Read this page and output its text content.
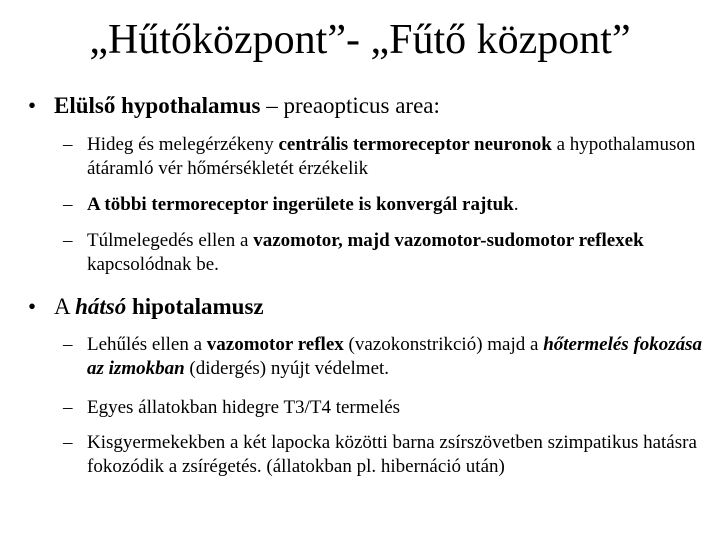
„Hűtőközpont”- „Fűtő központ”
• Elülső hypothalamus – preaopticus area:
– Hideg és melegérzékeny centrális termoreceptor neuronok a hypothalamuson átáramló vér hőmérsékletét érzékelik
– A többi termoreceptor ingerülete is konvergál rajtuk.
– Túlmelegedés ellen a vazomotor, majd vazomotor-sudomotor reflexek kapcsolódnak be.
• A hátsó hipotalamusz
– Lehűlés ellen a vazomotor reflex (vazokonstrikció) majd a hőtermelés fokozása az izmokban (didergés) nyújt védelmet.
– Egyes állatokban hidegre T3/T4 termelés
– Kisgyermekekben a két lapocka közötti barna zsírszövetben szimpatikus hatásra fokozódik a zsírégetés. (állatokban pl. hibernáció után)
